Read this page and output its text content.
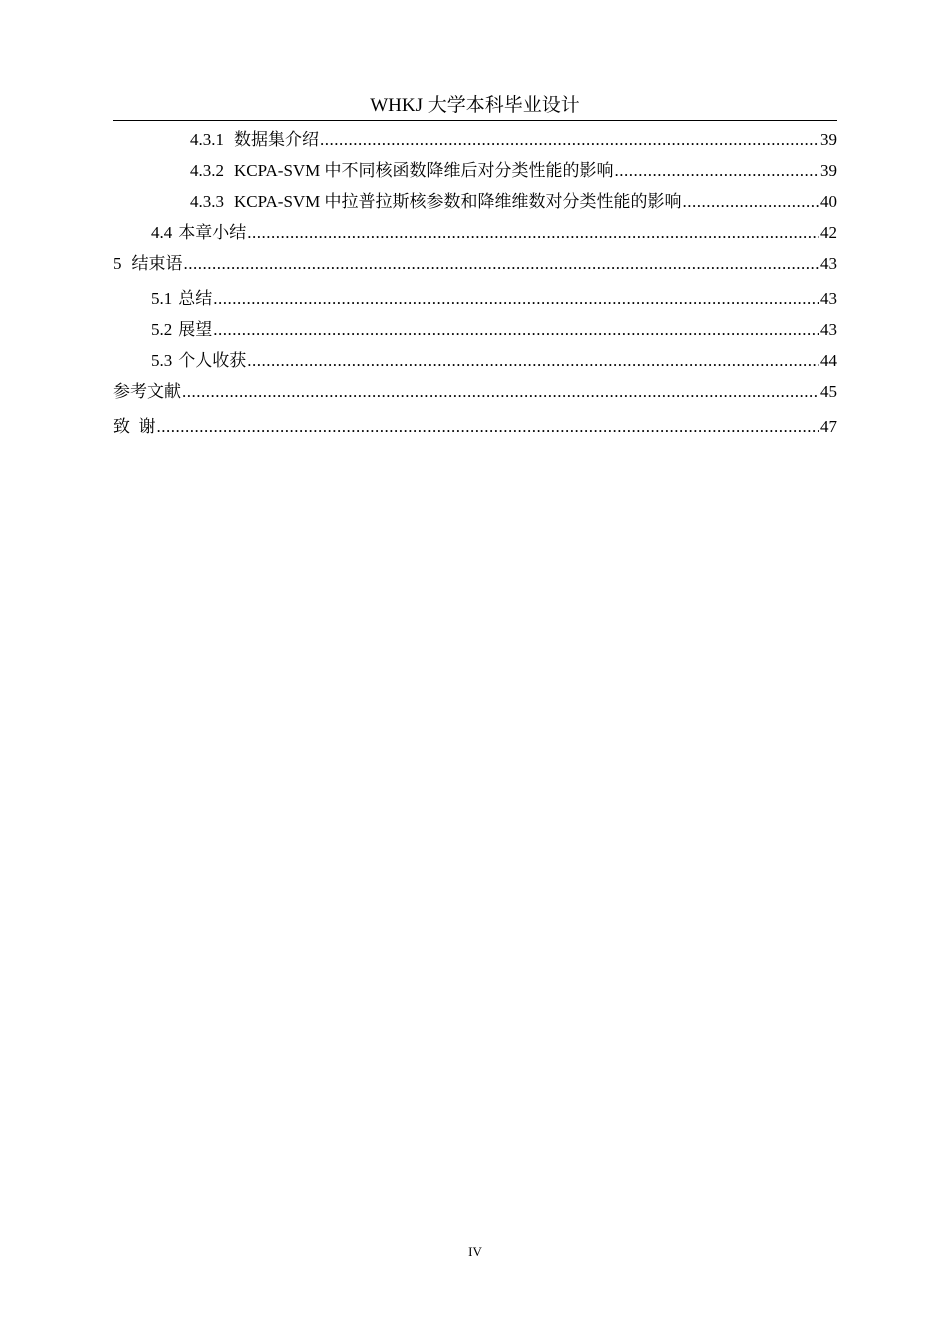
WHKJ 大学本科毕业设计
4.3.1 数据集介绍 .....	39
4.3.2 KCPA-SVM 中不同核函数降维后对分类性能的影响 .....	39
4.3.3 KCPA-SVM 中拉普拉斯核参数和降维维数对分类性能的影响 .....	40
4.4 本章小结 .....	42
5 结束语 .....	43
5.1 总结 .....	43
5.2 展望 .....	43
5.3 个人收获 .....	44
参考文献 .....	45
致  谢 .....	47
IV
